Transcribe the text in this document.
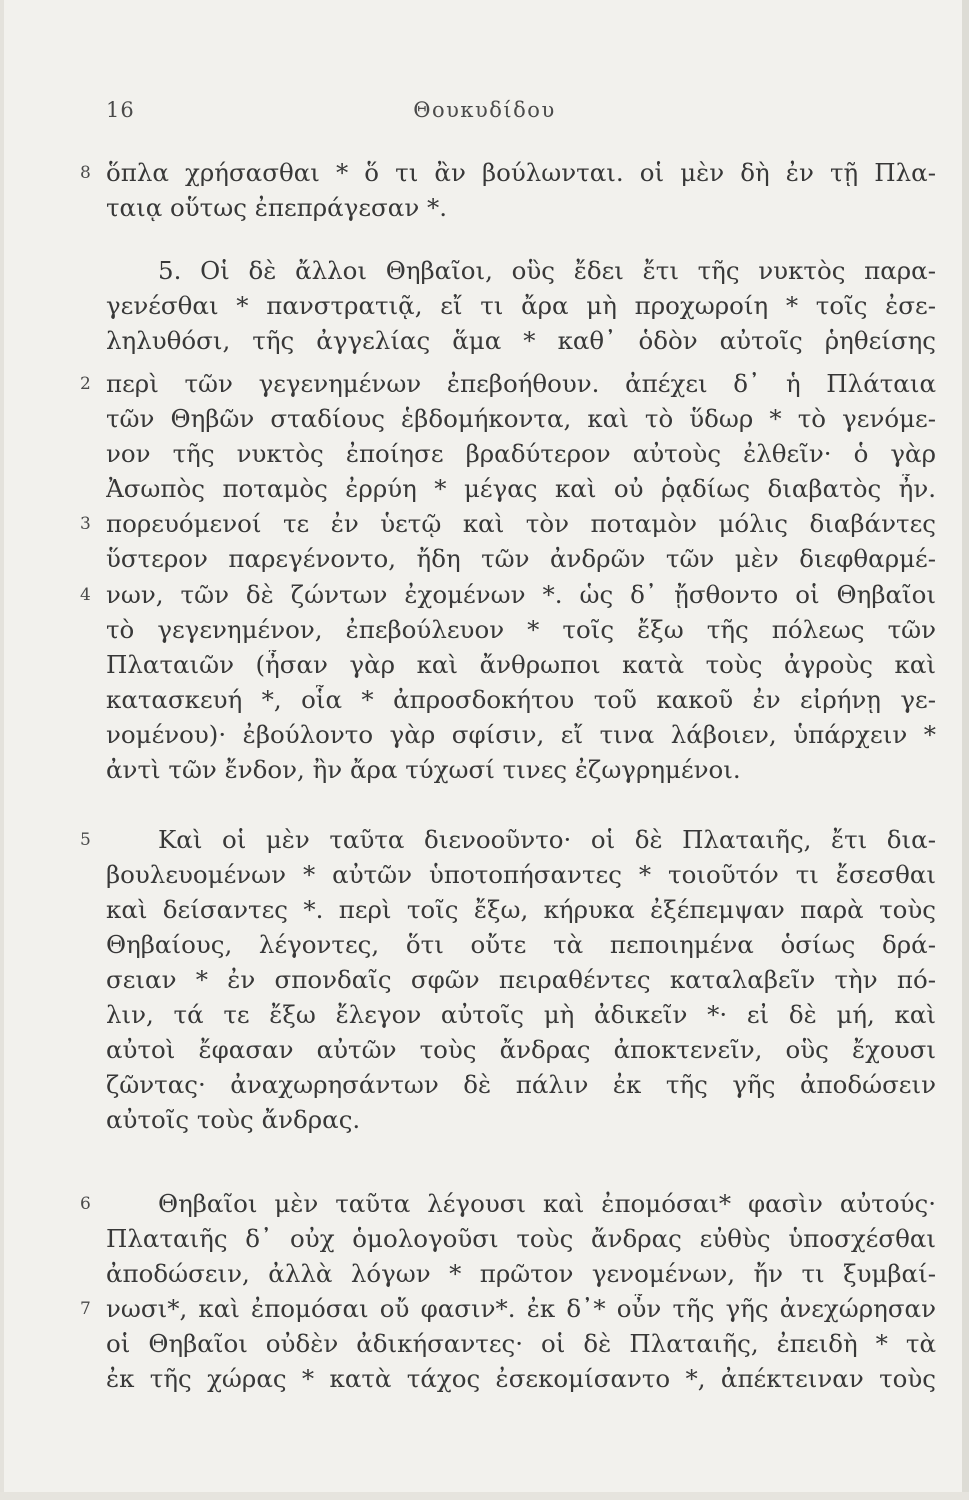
16	Θουκυδίδου
8
2
3
4
5
6
7
ὅπλα χρήσασθαι * ὅ τι ἂν βούλωνται. οἱ μὲν δὴ ἐν τῇ Πλα-
ταιᾳ οὕτως ἐπεπράγεσαν *.
5. Οἱ δὲ ἄλλοι Θηβαῖοι, οὓς ἔδει ἔτι τῆς νυκτὸς παρα-
γενέσθαι * πανστρατιᾷ, εἴ τι ἄρα μὴ προχωροίη * τοῖς ἐσε-
ληλυθόσι, τῆς ἀγγελίας ἅμα * καθ᾽ ὁδὸν αὐτοῖς ῥηθείσης
περὶ τῶν γεγενημένων ἐπεβοήθουν. ἀπέχει δ᾽ ἡ Πλάταια
τῶν Θηβῶν σταδίους ἑβδομήκοντα, καὶ τὸ ὕδωρ * τὸ γενόμε-
νον τῆς νυκτὸς ἐποίησε βραδύτερον αὐτοὺς ἐλθεῖν· ὁ γὰρ
Ἀσωπὸς ποταμὸς ἐρρύη * μέγας καὶ οὐ ῥᾳδίως διαβατὸς ἦν.
πορευόμενοί τε ἐν ὑετῷ καὶ τὸν ποταμὸν μόλις διαβάντες
ὕστερον παρεγένοντο, ἤδη τῶν ἀνδρῶν τῶν μὲν διεφθαρμέ-
νων, τῶν δὲ ζώντων ἐχομένων *. ὡς δ᾽ ᾔσθοντο οἱ Θηβαῖοι
τὸ γεγενημένον, ἐπεβούλευον * τοῖς ἔξω τῆς πόλεως τῶν
Πλαταιῶν (ἦσαν γὰρ καὶ ἄνθρωποι κατὰ τοὺς ἀγροὺς καὶ
κατασκευή *, οἷα * ἀπροσδοκήτου τοῦ κακοῦ ἐν εἰρήνῃ γε-
νομένου)· ἐβούλοντο γὰρ σφίσιν, εἴ τινα λάβοιεν, ὑπάρχειν *
ἀντὶ τῶν ἔνδον, ἢν ἄρα τύχωσί τινες ἐζωγρημένοι.
Καὶ οἱ μὲν ταῦτα διενοοῦντο· οἱ δὲ Πλαταιῆς, ἔτι δια-
βουλευομένων * αὐτῶν ὑποτοπήσαντες * τοιοῦτόν τι ἔσεσθαι
καὶ δείσαντες *. περὶ τοῖς ἔξω, κήρυκα ἐξέπεμψαν παρὰ τοὺς
Θηβαίους, λέγοντες, ὅτι οὔτε τὰ πεποιημένα ὁσίως δρά-
σειαν * ἐν σπονδαῖς σφῶν πειραθέντες καταλαβεῖν τὴν πό-
λιν, τά τε ἔξω ἔλεγον αὐτοῖς μὴ ἀδικεῖν *· εἰ δὲ μή, καὶ
αὐτοὶ ἔφασαν αὐτῶν τοὺς ἄνδρας ἀποκτενεῖν, οὓς ἔχουσι
ζῶντας· ἀναχωρησάντων δὲ πάλιν ἐκ τῆς γῆς ἀποδώσειν
αὐτοῖς τοὺς ἄνδρας.
Θηβαῖοι μὲν ταῦτα λέγουσι καὶ ἐπομόσαι* φασὶν αὐτούς·
Πλαταιῆς δ᾽ οὐχ ὁμολογοῦσι τοὺς ἄνδρας εὐθὺς ὑποσχέσθαι
ἀποδώσειν, ἀλλὰ λόγων * πρῶτον γενομένων, ἤν τι ξυμβαί-
νωσι*, καὶ ἐπομόσαι οὔ φασιν*. ἐκ δ᾽* οὖν τῆς γῆς ἀνεχώρησαν
οἱ Θηβαῖοι οὐδὲν ἀδικήσαντες· οἱ δὲ Πλαταιῆς, ἐπειδὴ * τὰ
ἐκ τῆς χώρας * κατὰ τάχος ἐσεκομίσαντο *, ἀπέκτειναν τοὺς
